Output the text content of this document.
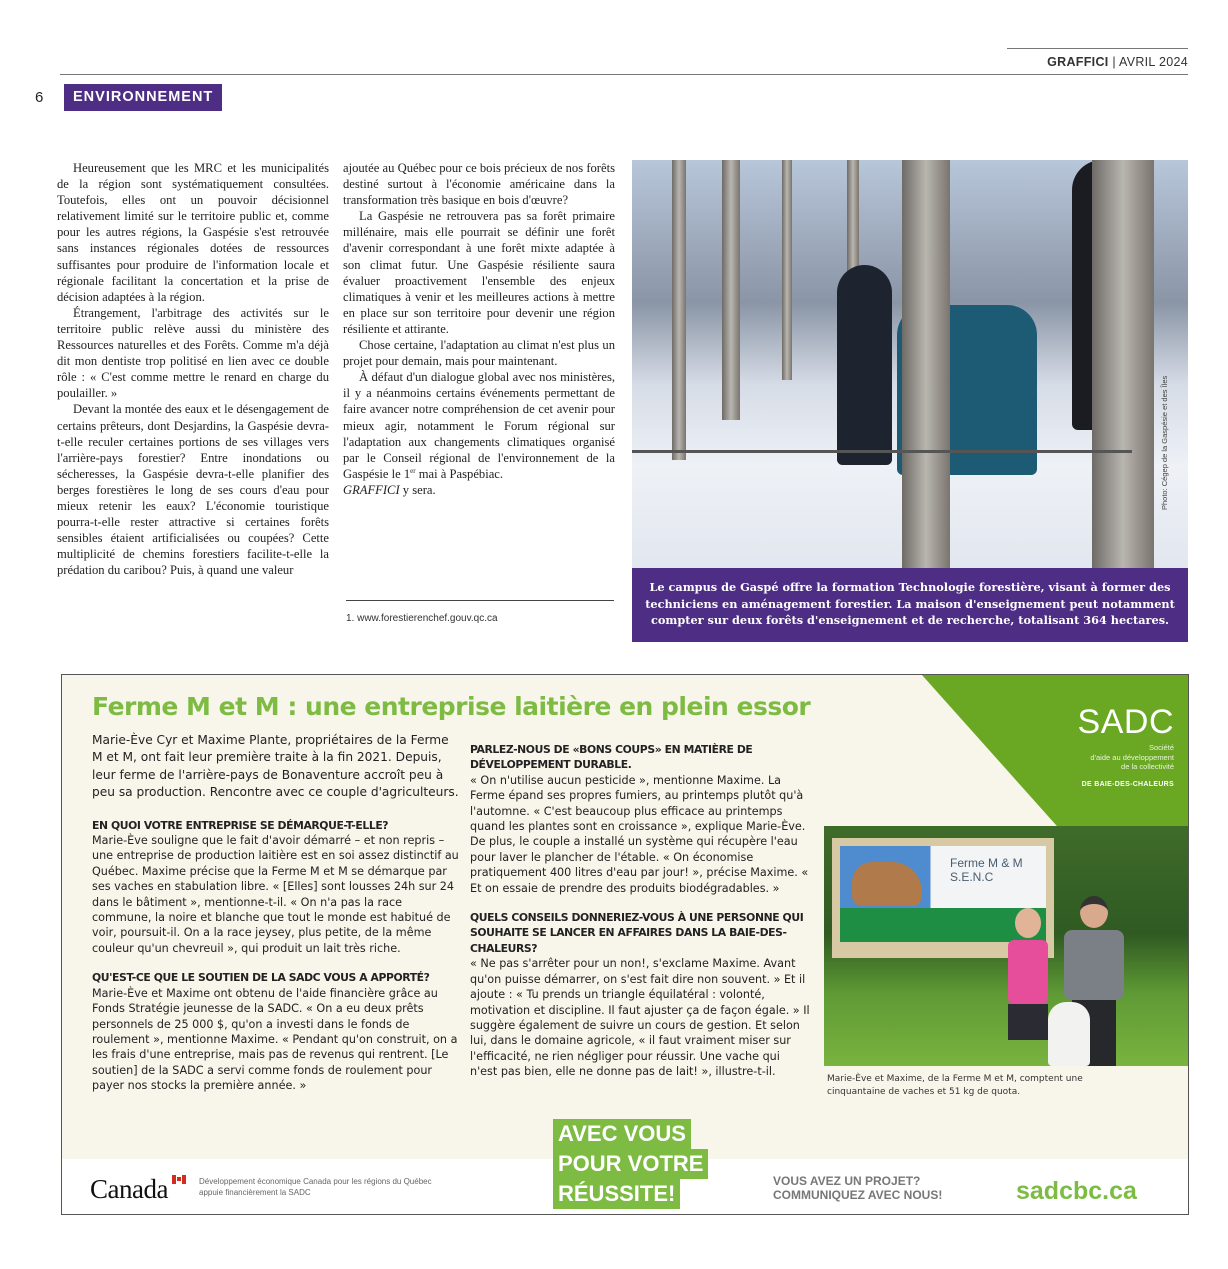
GRAFFICI | AVRIL 2024
6	ENVIRONNEMENT

Heureusement que les MRC et les municipalités de la région sont systématiquement consultées. Toutefois, elles ont un pouvoir décisionnel relativement limité sur le territoire public et, comme pour les autres régions, la Gaspésie s'est retrouvée sans instances régionales dotées de ressources suffisantes pour produire de l'information locale et régionale facilitant la concertation et la prise de décision adaptées à la région.

Étrangement, l'arbitrage des activités sur le territoire public relève aussi du ministère des Ressources naturelles et des Forêts. Comme m'a déjà dit mon dentiste trop politisé en lien avec ce double rôle : « C'est comme mettre le renard en charge du poulailler. »

Devant la montée des eaux et le désengagement de certains prêteurs, dont Desjardins, la Gaspésie devra-t-elle reculer certaines portions de ses villages vers l'arrière-pays forestier? Entre inondations ou sécheresses, la Gaspésie devra-t-elle planifier des berges forestières le long de ses cours d'eau pour mieux retenir les eaux? L'économie touristique pourra-t-elle rester attractive si certaines forêts sensibles étaient artificialisées ou coupées? Cette multiplicité de chemins forestiers facilite-t-elle la prédation du caribou? Puis, à quand une valeur

ajoutée au Québec pour ce bois précieux de nos forêts destiné surtout à l'économie américaine dans la transformation très basique en bois d'œuvre?

La Gaspésie ne retrouvera pas sa forêt primaire millénaire, mais elle pourrait se définir une forêt d'avenir correspondant à une forêt mixte adaptée à son climat futur. Une Gaspésie résiliente saura évaluer proactivement l'ensemble des enjeux climatiques à venir et les meilleures actions à mettre en place sur son territoire pour devenir une région résiliente et attirante.

Chose certaine, l'adaptation au climat n'est plus un projet pour demain, mais pour maintenant.

À défaut d'un dialogue global avec nos ministères, il y a néanmoins certains événements permettant de faire avancer notre compréhension de cet avenir pour mieux agir, notamment le Forum régional sur l'adaptation aux changements climatiques organisé par le Conseil régional de l'environnement de la Gaspésie le 1er mai à Paspébiac.

GRAFFICI y sera.

1. www.forestierenchef.gouv.qc.ca
Le campus de Gaspé offre la formation Technologie forestière, visant à former des techniciens en aménagement forestier. La maison d'enseignement peut notamment compter sur deux forêts d'enseignement et de recherche, totalisant 364 hectares.
Photo: Cégep de la Gaspésie et des Îles
SADC
Société
d'aide au développement
de la collectivité
DE BAIE-DES-CHALEURS
Ferme M et M : une entreprise laitière en plein essor

Marie-Ève Cyr et Maxime Plante, propriétaires de la Ferme M et M, ont fait leur première traite à la fin 2021. Depuis, leur ferme de l'arrière-pays de Bonaventure accroît peu à peu sa production. Rencontre avec ce couple d'agriculteurs.

EN QUOI VOTRE ENTREPRISE SE DÉMARQUE-T-ELLE?
Marie-Ève souligne que le fait d'avoir démarré – et non repris – une entreprise de production laitière est en soi assez distinctif au Québec. Maxime précise que la Ferme M et M se démarque par ses vaches en stabulation libre. « [Elles] sont lousses 24h sur 24 dans le bâtiment », mentionne-t-il. « On n'a pas la race commune, la noire et blanche que tout le monde est habitué de voir, poursuit-il. On a la race jeysey, plus petite, de la même couleur qu'un chevreuil », qui produit un lait très riche.

QU'EST-CE QUE LE SOUTIEN DE LA SADC VOUS A APPORTÉ?
Marie-Ève et Maxime ont obtenu de l'aide financière grâce au Fonds Stratégie jeunesse de la SADC. « On a eu deux prêts personnels de 25 000 $, qu'on a investi dans le fonds de roulement », mentionne Maxime. « Pendant qu'on construit, on a les frais d'une entreprise, mais pas de revenus qui rentrent. [Le soutien] de la SADC a servi comme fonds de roulement pour payer nos stocks la première année. »

PARLEZ-NOUS DE «BONS COUPS» EN MATIÈRE DE DÉVELOPPEMENT DURABLE.
« On n'utilise aucun pesticide », mentionne Maxime. La Ferme épand ses propres fumiers, au printemps plutôt qu'à l'automne. « C'est beaucoup plus efficace au printemps quand les plantes sont en croissance », explique Marie-Ève. De plus, le couple a installé un système qui récupère l'eau pour laver le plancher de l'étable. « On économise pratiquement 400 litres d'eau par jour! », précise Maxime. « Et on essaie de prendre des produits biodégradables. »

QUELS CONSEILS DONNERIEZ-VOUS À UNE PERSONNE QUI SOUHAITE SE LANCER EN AFFAIRES DANS LA BAIE-DES-CHALEURS?
« Ne pas s'arrêter pour un non!, s'exclame Maxime. Avant qu'on puisse démarrer, on s'est fait dire non souvent. » Et il ajoute : « Tu prends un triangle équilatéral : volonté, motivation et discipline. Il faut ajuster ça de façon égale. » Il suggère également de suivre un cours de gestion. Et selon lui, dans le domaine agricole, « il faut vraiment miser sur l'efficacité, ne rien négliger pour réussir. Une vache qui n'est pas bien, elle ne donne pas de lait! », illustre-t-il.

Ferme M & M
S.E.N.C
Marie-Ève et Maxime, de la Ferme M et M, comptent une cinquantaine de vaches et 51 kg de quota.
AVEC VOUS
POUR VOTRE
RÉUSSITE!
Canada	Développement économique Canada pour les régions du Québec
appuie financièrement la SADC
VOUS AVEZ UN PROJET?
COMMUNIQUEZ AVEC NOUS!	sadcbc.ca
